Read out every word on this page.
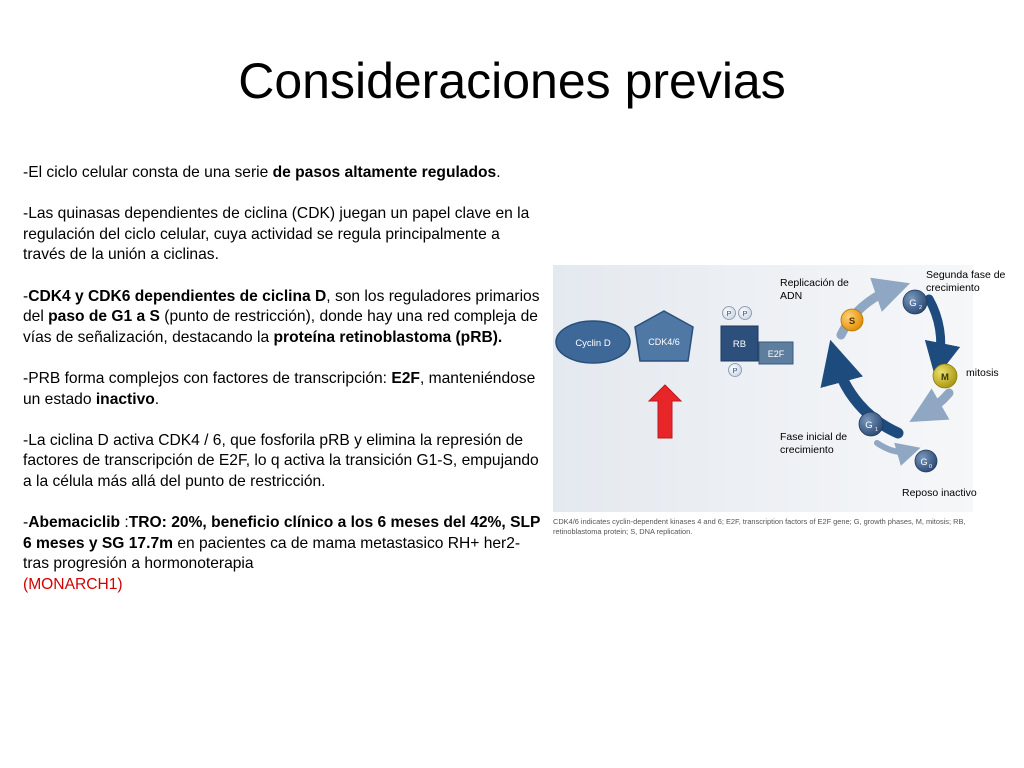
Consideraciones previas

-El ciclo celular consta de una serie de pasos altamente regulados.

-Las quinasas dependientes de ciclina (CDK) juegan un papel clave en la regulación del ciclo celular, cuya actividad se regula principalmente a través de la unión a ciclinas.

-CDK4 y CDK6 dependientes de ciclina D, son los reguladores primarios del paso de G1 a S (punto de restricción), donde hay una red compleja de vías de señalización, destacando la proteína retinoblastoma (pRB).

-PRB forma complejos con factores de transcripción: E2F, manteniéndose un estado inactivo.

-La ciclina D activa CDK4 / 6, que fosforila pRB y elimina la represión de factores de transcripción de E2F, lo q activa la transición G1-S, empujando a la célula más allá del punto de restricción.

-Abemaciclib :TRO: 20%, beneficio clínico a los 6 meses del 42%, SLP 6 meses y SG 17.7m en pacientes ca de mama metastasico RH+ her2- tras progresión a hormonoterapia
(MONARCH1)

Cyclin D	CDK4/6	RB
P P
P
E2F
S
G 2
M
G 1
G 0
Replicación de ADN
Segunda fase de crecimiento
mitosis
Fase inicial de crecimiento
Reposo inactivo
CDK4/6 indicates cyclin-dependent kinases 4 and 6; E2F, transcription factors of E2F gene; G, growth phases, M, mitosis; RB, retinoblastoma protein; S, DNA replication.
